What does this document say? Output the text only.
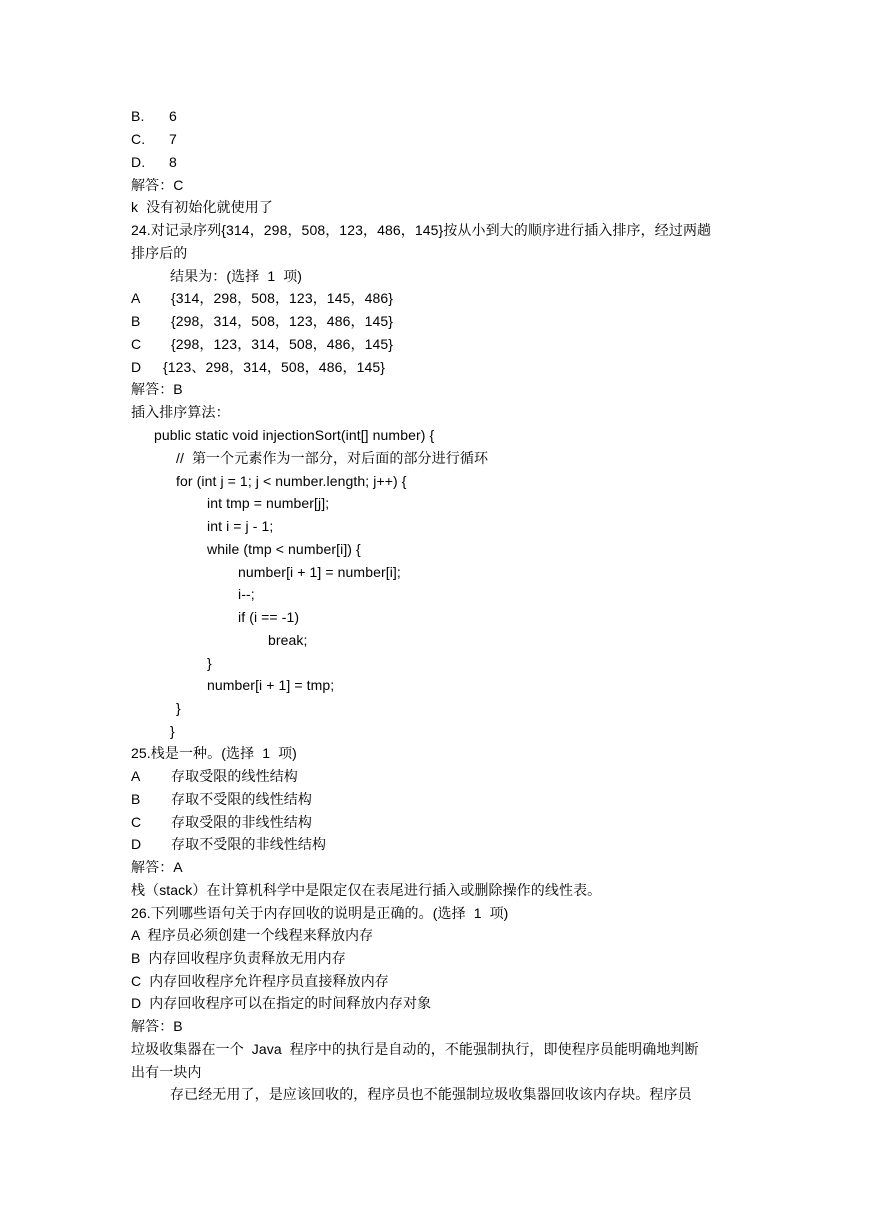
B. 6
C. 7
D. 8
解答：C
k  没有初始化就使用了
24.对记录序列{314，298，508，123，486，145}按从小到大的顺序进行插入排序，经过两趟
排序后的
结果为：(选择  1  项)
A {314，298，508，123，145，486}
B {298，314，508，123，486，145}
C {298，123，314，508，486，145}
D {123、298，314，508，486，145}
解答：B
插入排序算法：
public static void injectionSort(int[] number) {
//  第一个元素作为一部分，对后面的部分进行循环
for (int j = 1; j < number.length; j++) {
int tmp = number[j];
int i = j - 1;
while (tmp < number[i]) {
number[i + 1] = number[i];
i--;
if (i == -1)
break;
}
number[i + 1] = tmp;
}
}
25.栈是一种。(选择  1  项)
A 存取受限的线性结构
B 存取不受限的线性结构
C 存取受限的非线性结构
D 存取不受限的非线性结构
解答：A
栈（stack）在计算机科学中是限定仅在表尾进行插入或删除操作的线性表。
26.下列哪些语句关于内存回收的说明是正确的。(选择  1  项)
A  程序员必须创建一个线程来释放内存
B  内存回收程序负责释放无用内存
C  内存回收程序允许程序员直接释放内存
D  内存回收程序可以在指定的时间释放内存对象
解答：B
垃圾收集器在一个  Java  程序中的执行是自动的，不能强制执行，即使程序员能明确地判断
出有一块内
存已经无用了，是应该回收的，程序员也不能强制垃圾收集器回收该内存块。程序员
